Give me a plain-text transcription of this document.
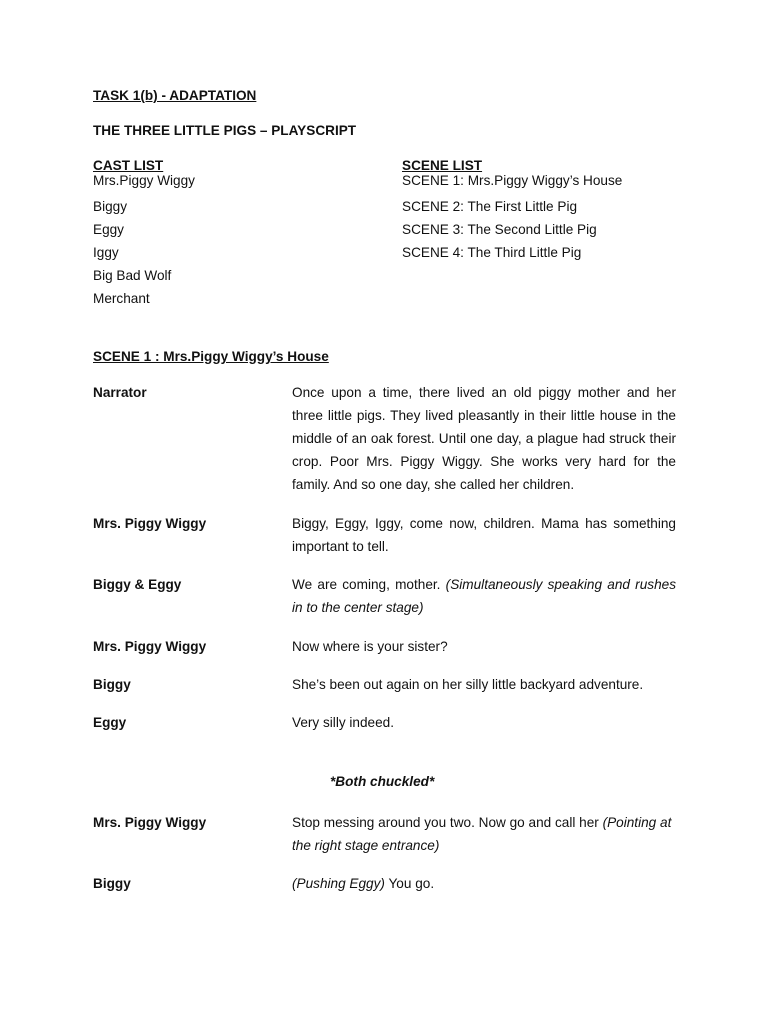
TASK 1(b) - ADAPTATION
THE THREE LITTLE PIGS – PLAYSCRIPT
CAST LIST
Mrs.Piggy Wiggy
Biggy
Eggy
Iggy
Big Bad Wolf
Merchant
SCENE LIST
SCENE 1: Mrs.Piggy Wiggy’s House
SCENE 2: The First Little Pig
SCENE 3: The Second Little Pig
SCENE 4: The Third Little Pig
SCENE 1 : Mrs.Piggy Wiggy’s House
Narrator	Once upon a time, there lived an old piggy mother and her three little pigs. They lived pleasantly in their little house in the middle of an oak forest. Until one day, a plague had struck their crop. Poor Mrs. Piggy Wiggy. She works very hard for the family. And so one day, she called her children.
Mrs. Piggy Wiggy	Biggy, Eggy, Iggy, come now, children. Mama has something important to tell.
Biggy & Eggy	We are coming, mother. (Simultaneously speaking and rushes in to the center stage)
Mrs. Piggy Wiggy	Now where is your sister?
Biggy	She’s been out again on her silly little backyard adventure.
Eggy	Very silly indeed.
*Both chuckled*
Mrs. Piggy Wiggy	Stop messing around you two. Now go and call her (Pointing at the right stage entrance)
Biggy	(Pushing Eggy) You go.
